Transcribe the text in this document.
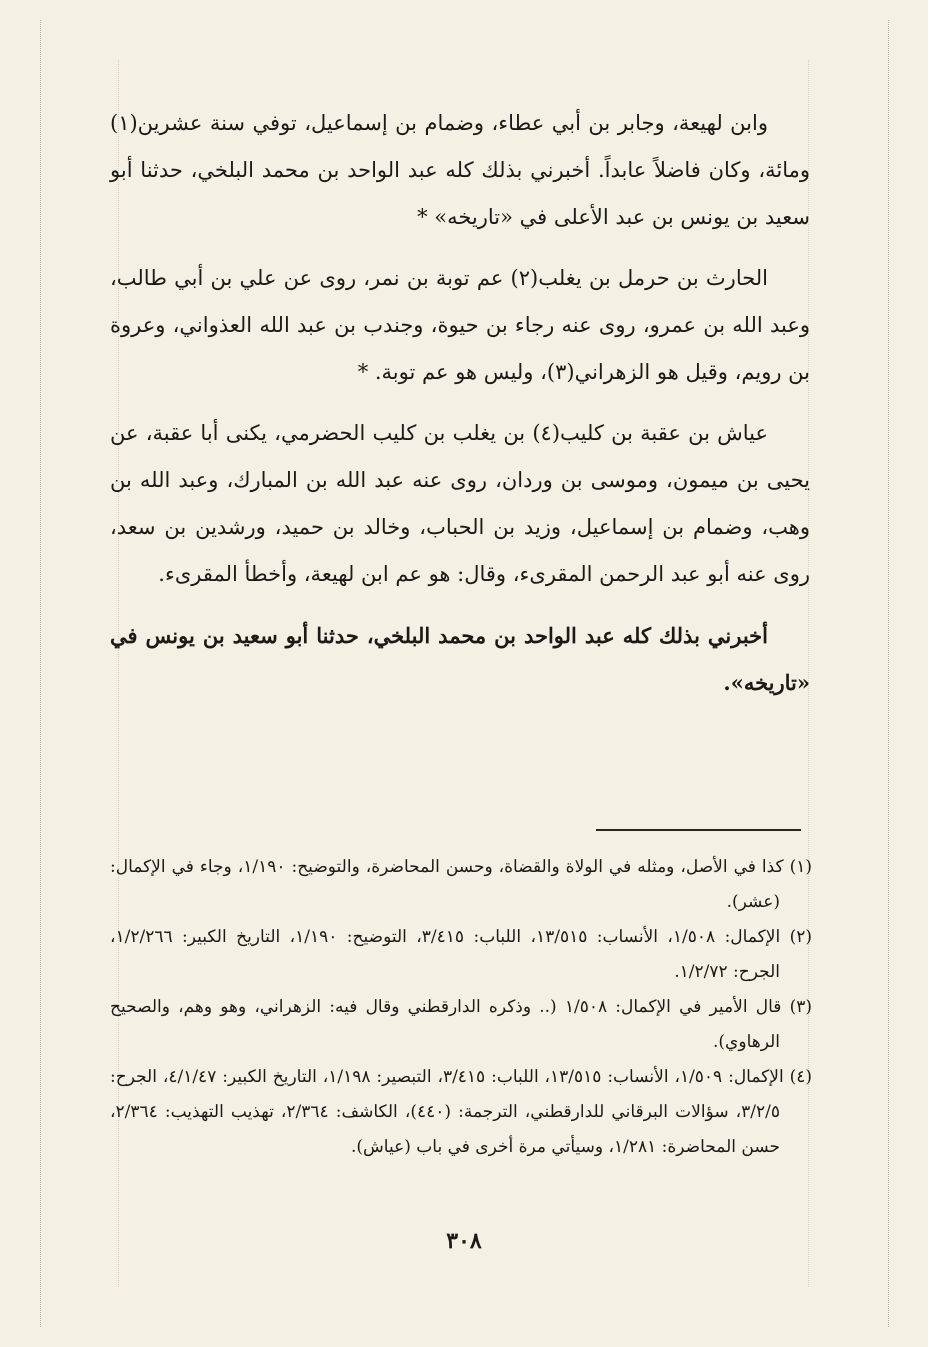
وابن لهيعة، وجابر بن أبي عطاء، وضمام بن إسماعيل، توفي سنة عشرين(١) ومائة، وكان فاضلاً عابداً. أخبرني بذلك كله عبد الواحد بن محمد البلخي، حدثنا أبو سعيد بن يونس بن عبد الأعلى في «تاريخه» *

الحارث بن حرمل بن يغلب(٢) عم توبة بن نمر، روى عن علي بن أبي طالب، وعبد الله بن عمرو، روى عنه رجاء بن حيوة، وجندب بن عبد الله العذواني، وعروة بن رويم، وقيل هو الزهراني(٣)، وليس هو عم توبة. *

عياش بن عقبة بن كليب(٤) بن يغلب بن كليب الحضرمي، يكنى أبا عقبة، عن يحيى بن ميمون، وموسى بن وردان، روى عنه عبد الله بن المبارك، وعبد الله بن وهب، وضمام بن إسماعيل، وزيد بن الحباب، وخالد بن حميد، ورشدين بن سعد، روى عنه أبو عبد الرحمن المقرىء، وقال: هو عم ابن لهيعة، وأخطأ المقرىء.

أخبرني بذلك كله عبد الواحد بن محمد البلخي، حدثنا أبو سعيد بن يونس في «تاريخه».

(١) كذا في الأصل، ومثله في الولاة والقضاة، وحسن المحاضرة، والتوضيح: ١/١٩٠، وجاء في الإكمال: (عشر).

(٢) الإكمال: ١/٥٠٨، الأنساب: ١٣/٥١٥، اللباب: ٣/٤١٥، التوضيح: ١/١٩٠، التاريخ الكبير: ١/٢/٢٦٦، الجرح: ١/٢/٧٢.

(٣) قال الأمير في الإكمال: ١/٥٠٨ (.. وذكره الدارقطني وقال فيه: الزهراني، وهو وهم، والصحيح الرهاوي).

(٤) الإكمال: ١/٥٠٩، الأنساب: ١٣/٥١٥، اللباب: ٣/٤١٥، التبصير: ١/١٩٨، التاريخ الكبير: ٤/١/٤٧، الجرح: ٣/٢/٥، سؤالات البرقاني للدارقطني، الترجمة: (٤٤٠)، الكاشف: ٢/٣٦٤، تهذيب التهذيب: ٢/٣٦٤، حسن المحاضرة: ١/٢٨١، وسيأتي مرة أخرى في باب (عياش).

٣٠٨
